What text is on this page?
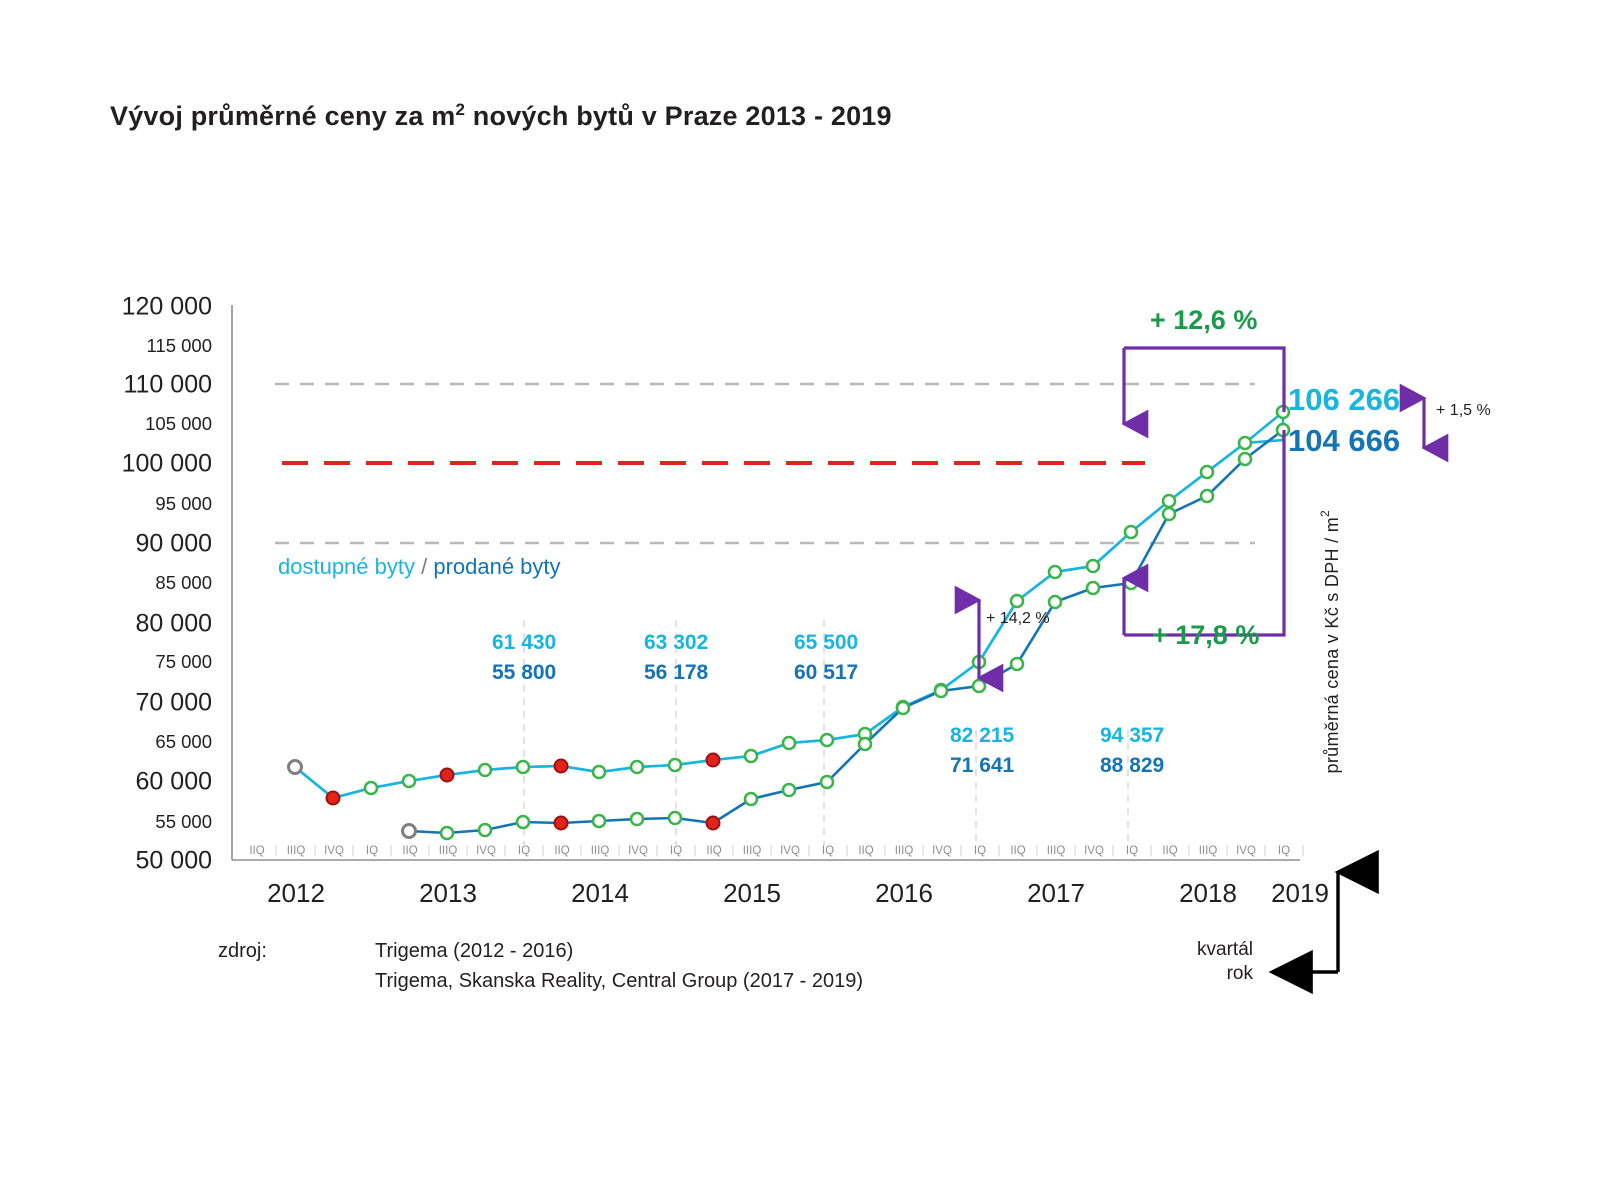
Vývoj průměrné ceny za $m^2$ nových bytů v Praze 2013 - 2019
120 000
115 000
110 000
105 000
100 000
95 000
90 000
85 000
80 000
75 000
70 000
65 000
60 000
55 000
50 000	IIQ | IIIQ | IVQ | IQ | IIQ | IIIQ | IVQ | IQ | IIQ | IIIQ | IVQ | IQ | IIQ | IIIQ | IVQ | IQ | IIQ | IIIQ | IVQ | IQ | IIQ | IIIQ | IVQ | IQ | IIQ | IIIQ | IVQ | IQ |
2012	2013	2014	2015	2016	2017	2018 2019
dostupné byty / prodané byty
61 430
55 800
63 302
56 178
65 500
60 517
82 215
71 641
94 357
88 829
106 266
104 666
+ 14,2 %
+ 1,5 %
+ 12,6 %
+ 17,8 %	průměrná cena v Kč s DPH / $m^2$
kvartál
rok
zdroj:	Trigema (2012 - 2016)
Trigema, Skanska Reality, Central Group (2017 - 2019)
